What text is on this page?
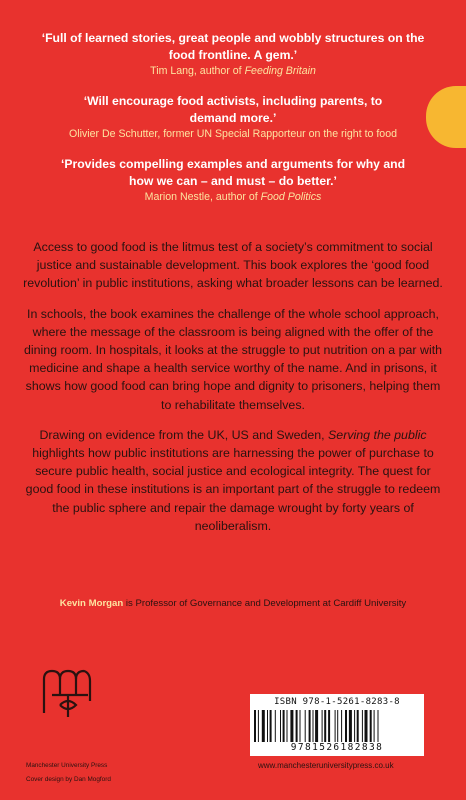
‘Full of learned stories, great people and wobbly structures on the food frontline. A gem.’

Tim Lang, author of Feeding Britain

‘Will encourage food activists, including parents, to demand more.’

Olivier De Schutter, former UN Special Rapporteur on the right to food

‘Provides compelling examples and arguments for why and how we can – and must – do better.’

Marion Nestle, author of Food Politics

Access to good food is the litmus test of a society’s commitment to social justice and sustainable development. This book explores the ‘good food revolution’ in public institutions, asking what broader lessons can be learned.

In schools, the book examines the challenge of the whole school approach, where the message of the classroom is being aligned with the offer of the dining room. In hospitals, it looks at the struggle to put nutrition on a par with medicine and shape a health service worthy of the name. And in prisons, it shows how good food can bring hope and dignity to prisoners, helping them to rehabilitate themselves.

Drawing on evidence from the UK, US and Sweden, Serving the public highlights how public institutions are harnessing the power of purchase to secure public health, social justice and ecological integrity. The quest for good food in these institutions is an important part of the struggle to redeem the public sphere and repair the damage wrought by forty years of neoliberalism.

Kevin Morgan is Professor of Governance and Development at Cardiff University
Manchester University Press
Cover design by Dan Mogford
ISBN 978-1-5261-8283-8
9781526182838
www.manchesteruniversitypress.co.uk
